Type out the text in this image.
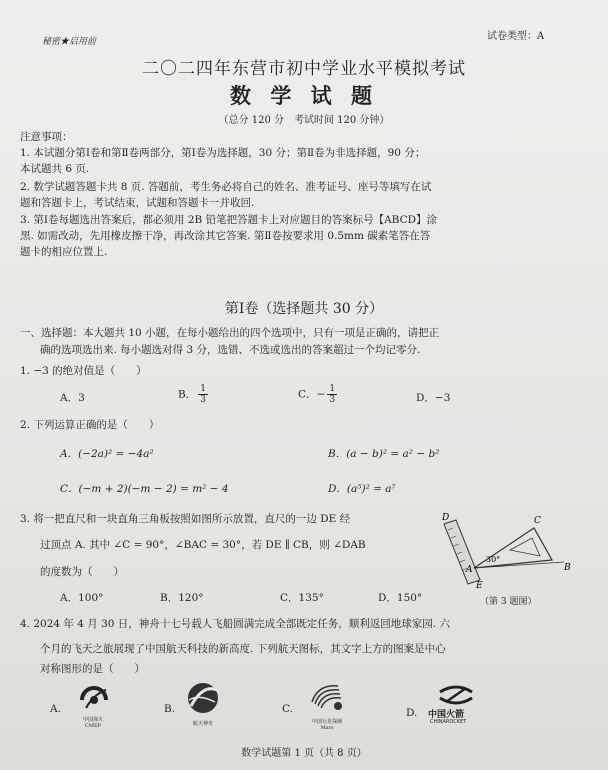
秘密★启用前	试卷类型：A
二〇二四年东营市初中学业水平模拟考试
数 学 试 题
（总分 120 分　考试时间 120 分钟）
注意事项：
1. 本试题分第Ⅰ卷和第Ⅱ卷两部分，第Ⅰ卷为选择题，30 分；第Ⅱ卷为非选择题，90 分；
本试题共 6 页.
2. 数学试题答题卡共 8 页. 答题前，考生务必将自己的姓名、准考证号、座号等填写在试
题和答题卡上，考试结束，试题和答题卡一并收回.
3. 第Ⅰ卷每题选出答案后，都必须用 2B 铅笔把答题卡上对应题目的答案标号【ABCD】涂
黑. 如需改动，先用橡皮擦干净，再改涂其它答案. 第Ⅱ卷按要求用 0.5mm 碳素笔答在答
题卡的相应位置上.
第Ⅰ卷（选择题共 30 分）
一、选择题：本大题共 10 小题，在每小题给出的四个选项中，只有一项是正确的，请把正
确的选项选出来. 每小题选对得 3 分，选错、不选或选出的答案超过一个均记零分.
1. −3 的绝对值是（　　）
A．3	B． $\frac{1}{3}$	C．− $\frac{1}{3}$	D．−3
2. 下列运算正确的是（　　）
A．(−2a)² = −4a²	B．(a − b)² = a² − b²
C．(−m + 2)(−m − 2) = m² − 4	D．(a⁵)² = a⁷
3. 将一把直尺和一块直角三角板按照如图所示放置，直尺的一边 DE 经
过顶点 A. 其中 ∠C = 90°，∠BAC = 30°，若 DE ∥ CB，则 ∠DAB
的度数为（　　）
A．100°	B．120°	C．135°	D．150°
D	C
A
E
B
30°
（第 3 题图）
4. 2024 年 4 月 30 日，神舟十七号载人飞船圆满完成全部既定任务，顺利返回地球家园. 六
个月的飞天之旅展现了中国航天科技的新高度. 下列航天图标，其文字上方的图案是中心
对称图形的是（　　）
A.	B.	C.	D.
中国探火
CMEP	航天神舟	中国行星探测
Mars
中国火箭
CHINAROCKET
数学试题第 1 页（共 8 页）
